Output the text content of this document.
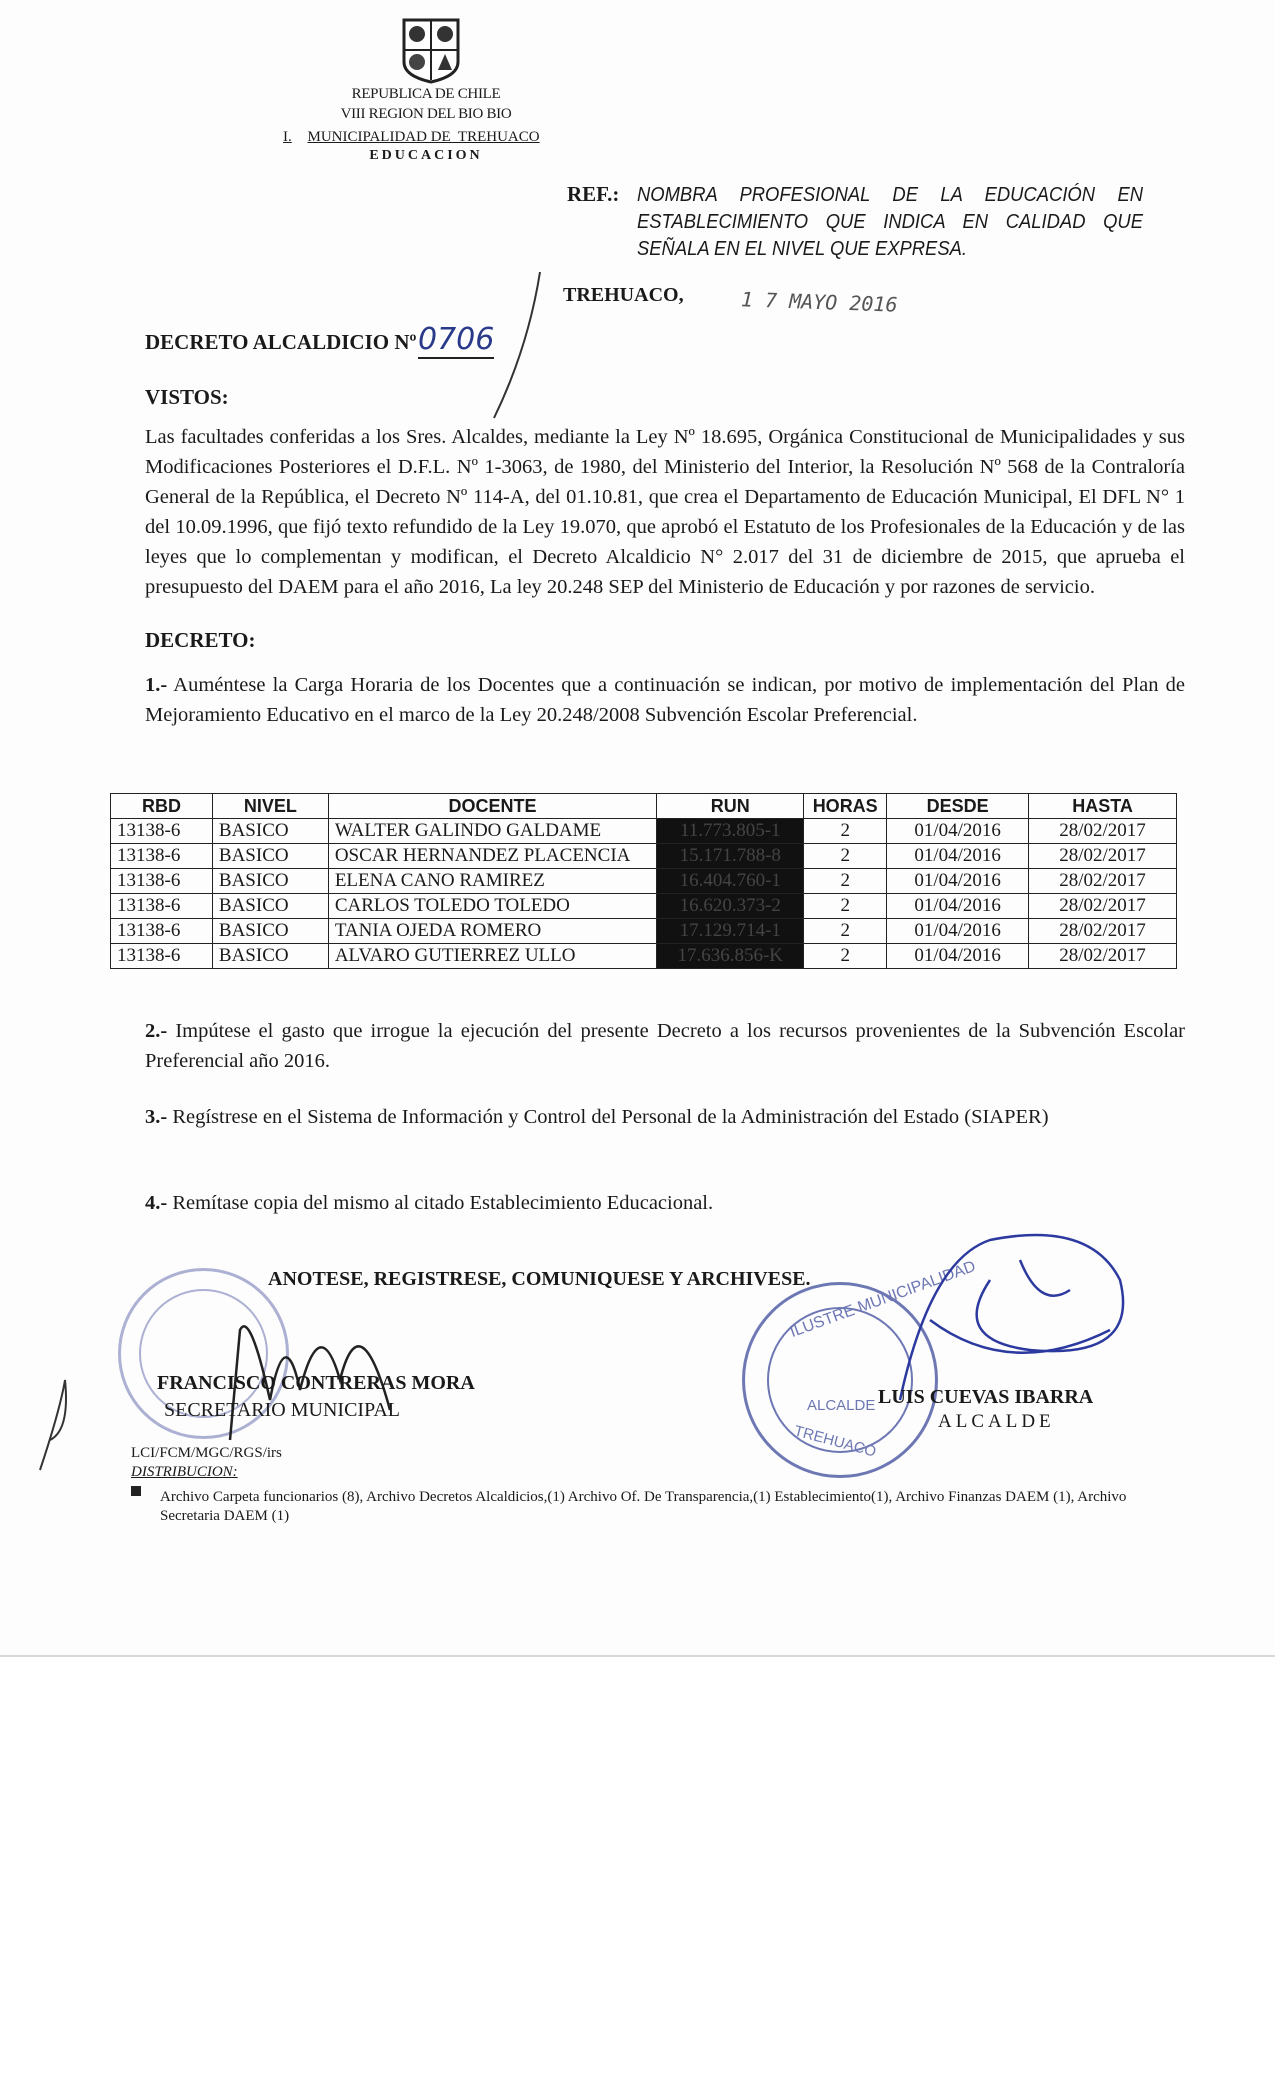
REPUBLICA DE CHILE
VIII REGION DEL BIO BIO
I. MUNICIPALIDAD DE  TREHUACO
EDUCACION
REF.: NOMBRA PROFESIONAL DE LA EDUCACIÓN EN ESTABLECIMIENTO QUE INDICA EN CALIDAD QUE SEÑALA EN EL NIVEL QUE EXPRESA.
TREHUACO,	1 7 MAYO 2016
DECRETO ALCALDICIO Nº 0706
VISTOS:
Las facultades conferidas a los Sres. Alcaldes, mediante la Ley Nº 18.695, Orgánica Constitucional de Municipalidades y sus Modificaciones Posteriores el D.F.L. Nº 1-3063, de 1980, del Ministerio del Interior, la Resolución Nº 568 de la Contraloría General de la República, el Decreto Nº 114-A, del 01.10.81, que crea el Departamento de Educación Municipal, El DFL N° 1 del 10.09.1996, que fijó texto refundido de la Ley 19.070, que aprobó el Estatuto de los Profesionales de la Educación y de las leyes que lo complementan y modifican, el Decreto Alcaldicio N° 2.017 del 31 de diciembre de 2015, que aprueba el presupuesto del DAEM para el año 2016, La ley 20.248 SEP del Ministerio de Educación y por razones de servicio.
DECRETO:
1.- Auméntese la Carga Horaria de los Docentes que a continuación se indican, por motivo de implementación del Plan de Mejoramiento Educativo en el marco de la Ley 20.248/2008 Subvención Escolar Preferencial.
RBD	NIVEL	DOCENTE	RUN	HORAS	DESDE	HASTA
13138-6	BASICO	WALTER GALINDO GALDAME	11.773.805-1	2	01/04/2016	28/02/2017
13138-6	BASICO	OSCAR HERNANDEZ PLACENCIA	15.171.788-8	2	01/04/2016	28/02/2017
13138-6	BASICO	ELENA CANO RAMIREZ	16.404.760-1	2	01/04/2016	28/02/2017
13138-6	BASICO	CARLOS TOLEDO TOLEDO	16.620.373-2	2	01/04/2016	28/02/2017
13138-6	BASICO	TANIA OJEDA ROMERO	17.129.714-1	2	01/04/2016	28/02/2017
13138-6	BASICO	ALVARO GUTIERREZ ULLO	17.636.856-K	2	01/04/2016	28/02/2017
2.- Impútese el gasto que irrogue la ejecución del presente Decreto a los recursos provenientes de la Subvención Escolar Preferencial año 2016.
3.- Regístrese en el Sistema de Información y Control del Personal de la Administración del Estado (SIAPER)
4.- Remítase copia del mismo al citado Establecimiento Educacional.
ANOTESE, REGISTRESE, COMUNIQUESE Y ARCHIVESE.
ILUSTRE MUNICIPALIDAD
ALCALDE
TREHUACO
FRANCISCO CONTRERAS MORA
SECRETARIO MUNICIPAL
LUIS CUEVAS IBARRA
ALCALDE
LCI/FCM/MGC/RGS/irs
DISTRIBUCION:
Archivo Carpeta funcionarios (8), Archivo Decretos Alcaldicios,(1) Archivo Of. De Transparencia,(1) Establecimiento(1), Archivo Finanzas DAEM (1), Archivo Secretaria DAEM (1)
